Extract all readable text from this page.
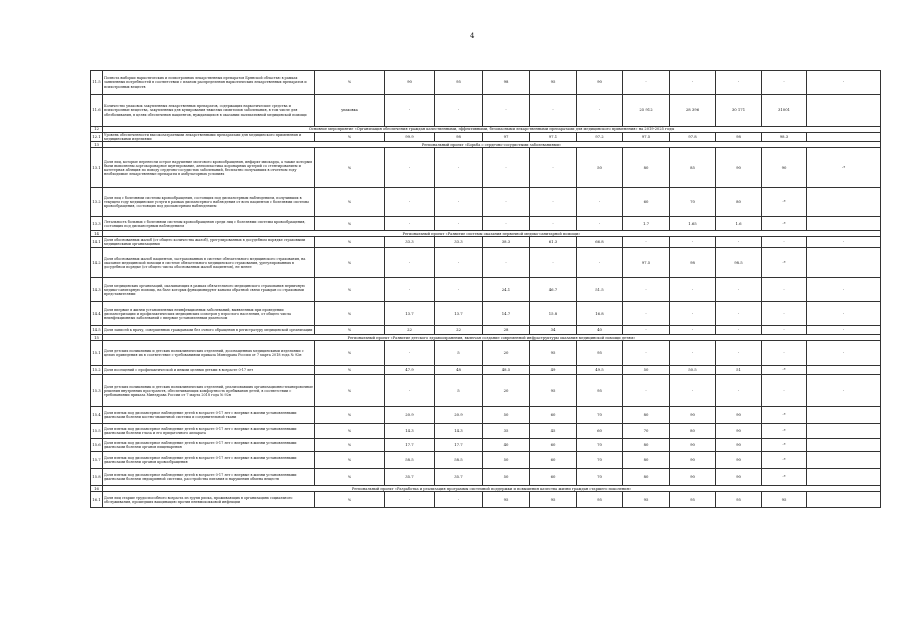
4
11.5	Полнота выборки наркотических и психотропных лекарственных препаратов Брянской областью в рамках заявленных потребностей в соответствии с планом распределения наркотических лекарственных препаратов и психотропных веществ	%	90	95	98	95	90	-	-	-	-	-
11.6	Количество упаковок закупленных лекарственных препаратов, содержащих наркотические средства и психотропные вещества, закупленных для купирования тяжелых симптомов заболевания, в том числе для обезболивания, в целях обеспечения пациентов, нуждающихся в оказании паллиативной медицинской помощи	упаковка	-	-	-	-	-	25 912	28 396	30 171	31001	
12	Основное мероприятие «Организация обеспечения граждан качественными, эффективными, безопасными лекарственными препаратами для медицинского применения» на 2019-2025 годы											
12.1	Уровень обеспеченности высокозатратными лекарственными препаратами для медицинского применения и медицинскими изделиями	%	99.9	98	97	97.1	97.2	97.5	97.8	98	98.3	
13	Региональный проект «Борьба с сердечно-сосудистыми заболеваниями»											
13.1	Доля лиц, которые перенесли острое нарушение мозгового кровообращения, инфаркт миокарда, а также которым были выполнены аортокоронарное шунтирование, ангиопластика коронарных артерий со стентированием и катетерная абляция по поводу сердечно-сосудистых заболеваний, бесплатно получавших в отчетном году необходимые лекарственные препараты в амбулаторных условиях	%	-	-	-	-	50	80	85	90	90	-*
13.2	Доля лиц с болезнями системы кровообращения, состоящих под диспансерным наблюдением, получивших в текущем году медицинские услуги в рамках диспансерного наблюдения от всех пациентов с болезнями системы кровообращения, состоящих под диспансерным наблюдением	%	-	-	-	-	-	60	70	80	-*	
13.3	Летальность больных с болезнями системы кровообращения среди лиц с болезнями системы кровообращения, состоящих под диспансерным наблюдением	%	-	-	-	-	-	1.7	1.65	1.6	-*	
14	Региональный проект «Развитие системы оказания первичной медико-санитарной помощи»											
14.1	Доля обоснованных жалоб (от общего количества жалоб), урегулированных в досудебном порядке страховыми медицинскими организациями	%	33.3	33.3	38.3	61.3	66.8	-	-	-	-	-
14.2	Доля обоснованных жалоб пациентов, застрахованных в системе обязательного медицинского страхования, на оказание медицинской помощи в системе обязательного медицинского страхования, урегулированных в досудебном порядке (от общего числа обоснованных жалоб пациентов), не менее	%	-	-	-	-	-	97.5	98	98.5	-*	
14.3	Доля медицинских организаций, оказывающих в рамках обязательного медицинского страхования первичную медико-санитарную помощь, на базе которых функционируют каналы обратной связи граждан со страховыми представителями	%	-	-	24.1	46.7	51.5	-	-	-	-	-
14.4	Доля впервые в жизни установленных неинфекционных заболеваний, выявленных при проведении диспансеризации и профилактических медицинских осмотров у взрослого населения, от общего числа неинфекционных заболеваний с впервые установленным диагнозом	%	13.7	13.7	14.7	15.8	16.8	-	-	-	-	-
14.5	Доля записей к врачу, совершенных гражданами без очного обращения в регистратуру медицинской организации	%	22	22	28	34	40	-	-	-	-	-
15	Региональный проект «Развитие детского здравоохранения, включая создание современной инфраструктуры оказания медицинской помощи детям»											
15.1	Доля детских поликлиник и детских поликлинических отделений, дооснащенных медицинскими изделиями с целью приведения их в соответствие с требованиями приказа Минздрава России от 7 марта 2018 года № 92н	%	-	5	20	95	95	-	-	-	-	-
15.2	Доля посещений с профилактической и иными целями детьми в возрасте 0-17 лет	%	47.9	48	48.5	49	49.5	50	50.5	51	-*	
15.3	Доля детских поликлиник и детских поликлинических отделений, реализовавших организационно-планировочные решения внутренних пространств, обеспечивающих комфортность пребывания детей, в соответствии с требованиями приказа Минздрава России от 7 марта 2018 года № 92н	%	-	5	20	95	95	-	-	-	-	-
15.4	Доля взятых под диспансерное наблюдение детей в возрасте 0-17 лет с впервые в жизни установленными диагнозами болезни костно-мышечной системы и соединительной ткани	%	20.9	20.9	50	60	70	80	90	90	-*	
15.5	Доля взятых под диспансерное наблюдение детей в возрасте 0-17 лет с впервые в жизни установленными диагнозами болезни глаза и его придаточного аппарата	%	14.3	14.3	35	45	60	70	80	90	-*	
15.6	Доля взятых под диспансерное наблюдение детей в возрасте 0-17 лет с впервые в жизни установленными диагнозами болезни органов пищеварения	%	17.7	17.7	40	60	70	80	90	90	-*	
15.7	Доля взятых под диспансерное наблюдение детей в возрасте 0-17 лет с впервые в жизни установленными диагнозами болезни органов кровообращения	%	58.5	58.5	50	60	70	80	90	90	-*	
15.8	Доля взятых под диспансерное наблюдение детей в возрасте 0-17 лет с впервые в жизни установленными диагнозами болезни эндокринной системы, расстройства питания и нарушения обмена веществ	%	35.7	35.7	50	60	70	80	90	90	-*	
16	Региональный проект «Разработка и реализация программы системной поддержки и повышения качества жизни граждан старшего поколения»											
16.1	Доля лиц старше трудоспособного возраста из групп риска, проживающих в организациях социального обслуживания, прошедших вакцинацию против пневмококковой инфекции	%	-	-	95	95	95	95	95	95	95	
